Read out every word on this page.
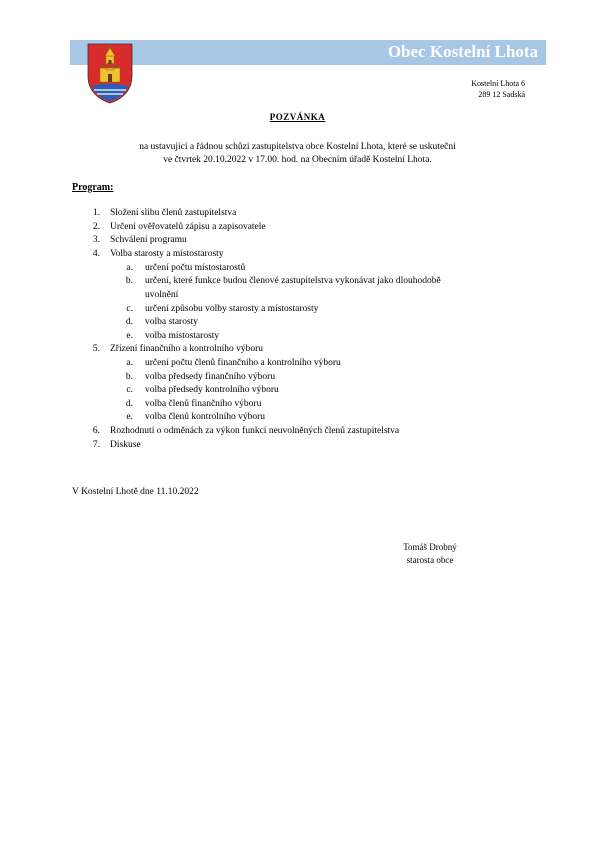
Obec Kostelní Lhota
Kostelní Lhota 6
289 12 Sadská
POZVÁNKA
na ustavující a řádnou schůzi zastupitelstva obce Kostelní Lhota, které se uskuteční
ve čtvrtek 20.10.2022 v 17.00. hod. na Obecním úřadě Kostelní Lhota.
Program:
1. Složení slibu členů zastupitelstva
2. Určení ověřovatelů zápisu a zapisovatele
3. Schválení programu
4. Volba starosty a místostarosty
a. určení počtu místostarostů
b. určení, které funkce budou členové zastupitelstva vykonávat jako dlouhodobě
uvolnění
c. určení způsobu volby starosty a místostarosty
d. volba starosty
e. volba místostarosty
5. Zřízení finančního a kontrolního výboru
a. určení počtu členů finančního a kontrolního výboru
b. volba předsedy finančního výboru
c. volba předsedy kontrolního výboru
d. volba členů finančního výboru
e. volba členů kontrolního výboru
6. Rozhodnutí o odměnách za výkon funkcí neuvolněných členů zastupitelstva
7. Diskuse
V Kostelní Lhotě dne 11.10.2022
Tomáš Drobný
starosta obce
